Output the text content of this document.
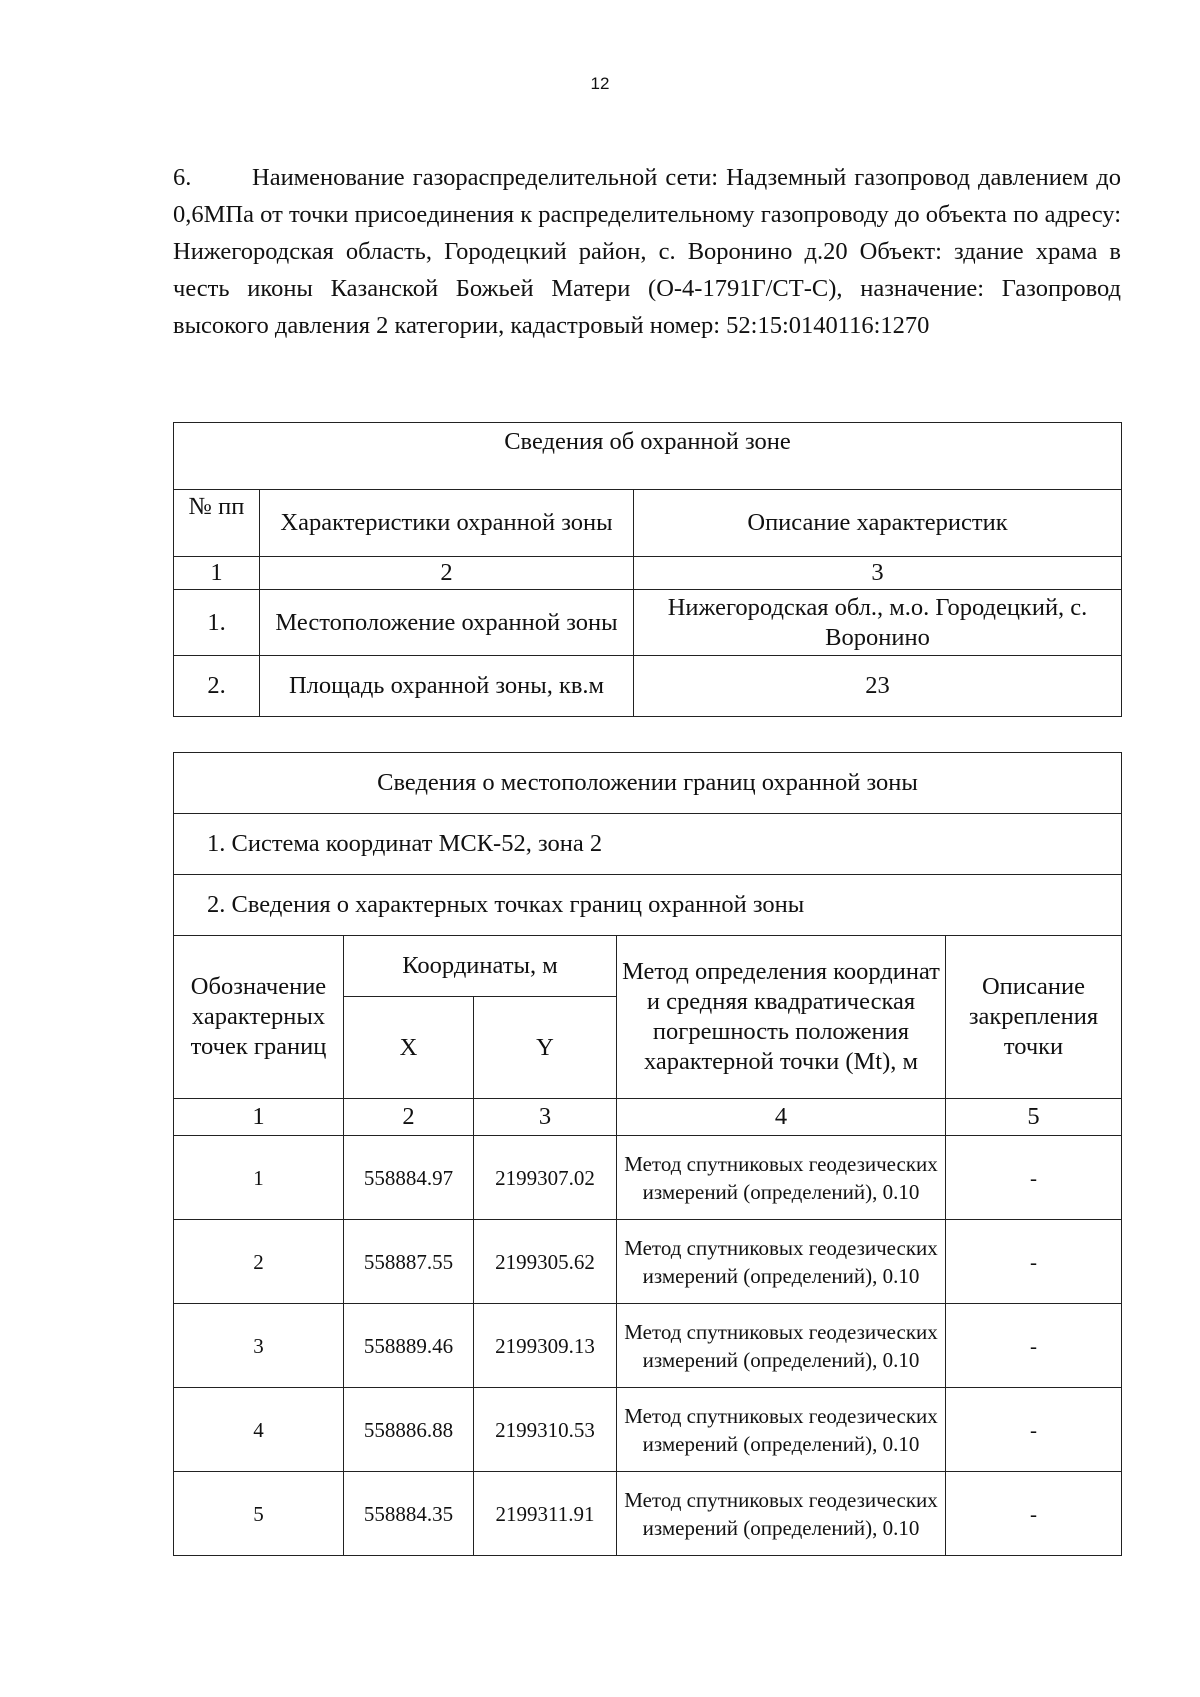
12
6. Наименование газораспределительной сети: Надземный газопровод давлением до 0,6МПа от точки присоединения к распределительному газопроводу до объекта по адресу: Нижегородская область, Городецкий район, с. Воронино д.20 Объект: здание храма в честь иконы Казанской Божьей Матери (О-4-1791Г/СТ-С), назначение: Газопровод высокого давления 2 категории, кадастровый номер: 52:15:0140116:1270
Сведения об охранной зоне		
№ пп	Характеристики охранной зоны	Описание характеристик
1	2	3
1.	Местоположение охранной зоны	Нижегородская обл., м.о. Городецкий, с. Воронино
2.	Площадь охранной зоны, кв.м	23
Сведения о местоположении границ охранной зоны				
1. Система координат МСК-52, зона 2				
2. Сведения о характерных точках границ охранной зоны				
Обозначение характерных точек границ	Координаты, м		Метод определения координат и средняя квадратическая погрешность положения характерной точки (Mt), м	Описание закрепления точки
	X	Y		
1	2	3	4	5
1	558884.97	2199307.02	Метод спутниковых геодезических измерений (определений), 0.10	-
2	558887.55	2199305.62	Метод спутниковых геодезических измерений (определений), 0.10	-
3	558889.46	2199309.13	Метод спутниковых геодезических измерений (определений), 0.10	-
4	558886.88	2199310.53	Метод спутниковых геодезических измерений (определений), 0.10	-
5	558884.35	2199311.91	Метод спутниковых геодезических измерений (определений), 0.10	-
